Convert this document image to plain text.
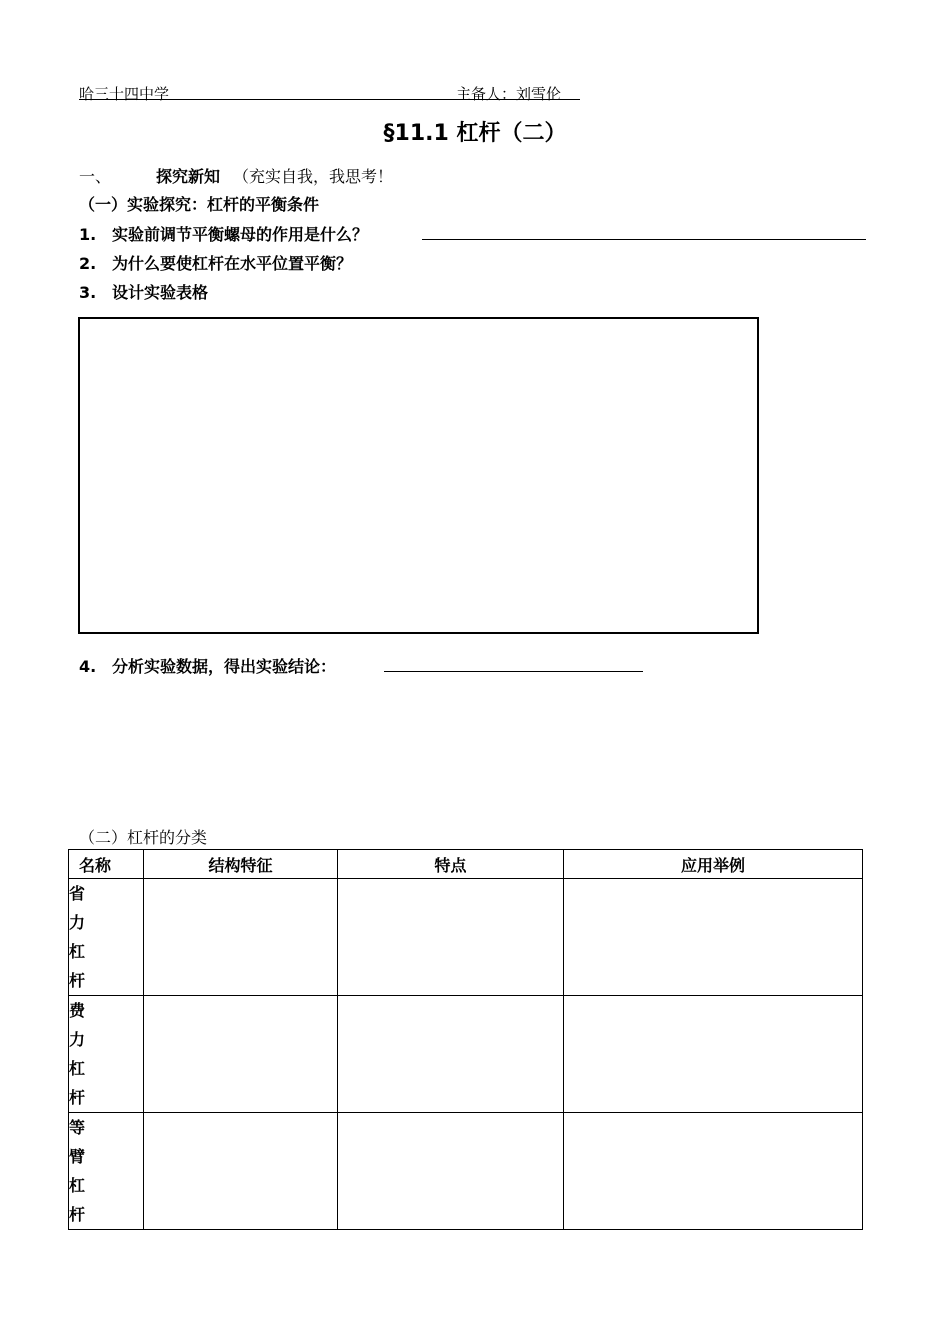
哈三十四中学	主备人：刘雪伦
§11.1 杠杆（二）
一、	探究新知 （充实自我，我思考！
（一）实验探究：杠杆的平衡条件
1. 实验前调节平衡螺母的作用是什么？
2. 为什么要使杠杆在水平位置平衡？
3. 设计实验表格
4. 分析实验数据，得出实验结论：
（二）杠杆的分类
名称	结构特征	特点	应用举例

省
力
杠
杆			

费
力
杠
杆			

等
臂
杠
杆			
